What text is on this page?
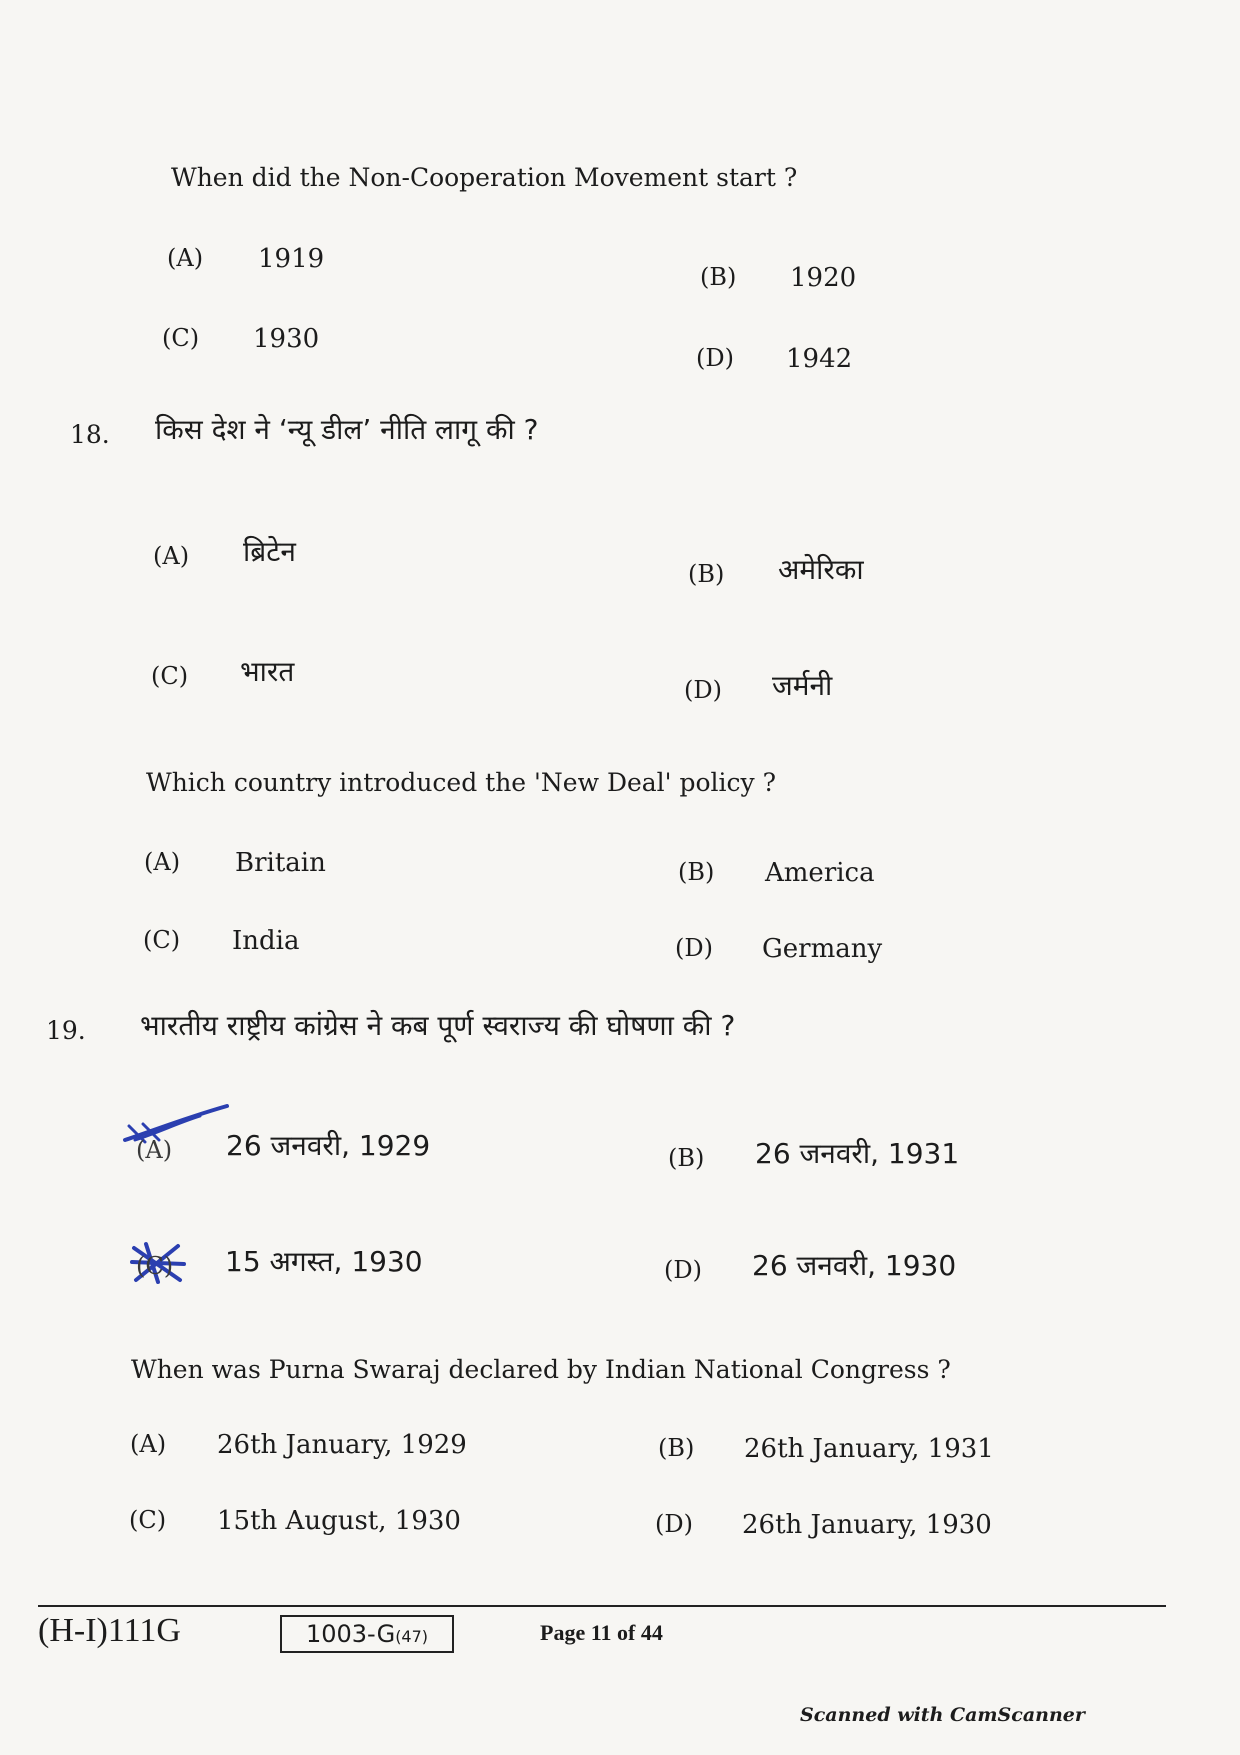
When did the Non-Cooperation Movement start ?
(A) 1919
(B) 1920
(C) 1930
(D) 1942
18. किस देश ने ‘न्यू डील’ नीति लागू की ?
(A) ब्रिटेन
(B) अमेरिका
(C) भारत
(D) जर्मनी
Which country introduced the 'New Deal' policy ?
(A) Britain	(B) America
(C) India	(D) Germany
19. भारतीय राष्ट्रीय कांग्रेस ने कब पूर्ण स्वराज्य की घोषणा की ?
(A) 26 जनवरी, 1929	(B) 26 जनवरी, 1931
(C) 15 अगस्त, 1930	(D) 26 जनवरी, 1930
When was Purna Swaraj declared by Indian National Congress ?
(A) 26th January, 1929	(B) 26th January, 1931
(C) 15th August, 1930	(D) 26th January, 1930
(H-I)111G	1003-G (47)	Page 11 of 44
Scanned with CamScanner
